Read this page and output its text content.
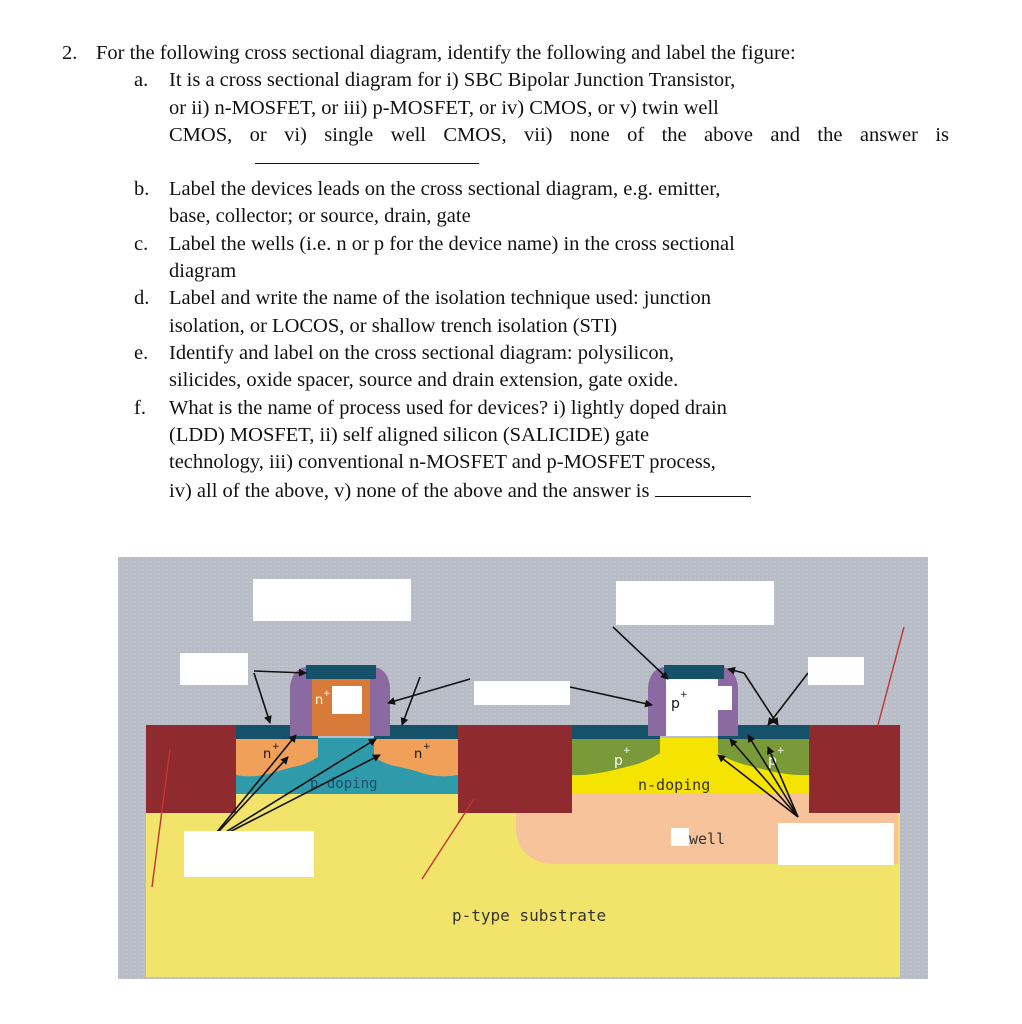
2. For the following cross sectional diagram, identify the following and label the figure:
a. It is a cross sectional diagram for i) SBC Bipolar Junction Transistor,
or ii) n-MOSFET, or iii) p-MOSFET, or iv) CMOS, or v) twin well

CMOS, or vi) single well CMOS, vii) none of the above and the answer is
b. Label the devices leads on the cross sectional diagram, e.g. emitter,
base, collector; or source, drain, gate
c. Label the wells (i.e. n or p for the device name) in the cross sectional
diagram
d. Label and write the name of the isolation technique used: junction
isolation, or LOCOS, or shallow trench isolation (STI)
e. Identify and label on the cross sectional diagram: polysilicon,
silicides, oxide spacer, source and drain extension, gate oxide.
f. What is the name of process used for devices? i) lightly doped drain
(LDD) MOSFET, ii) self aligned silicon (SALICIDE) gate
technology, iii) conventional n-MOSFET and p-MOSFET process,
iv) all of the above, v) none of the above and the answer is
n +
p
+
n +	n +
p
+
p
+
p-doping	n-doping
well
p-type substrate
